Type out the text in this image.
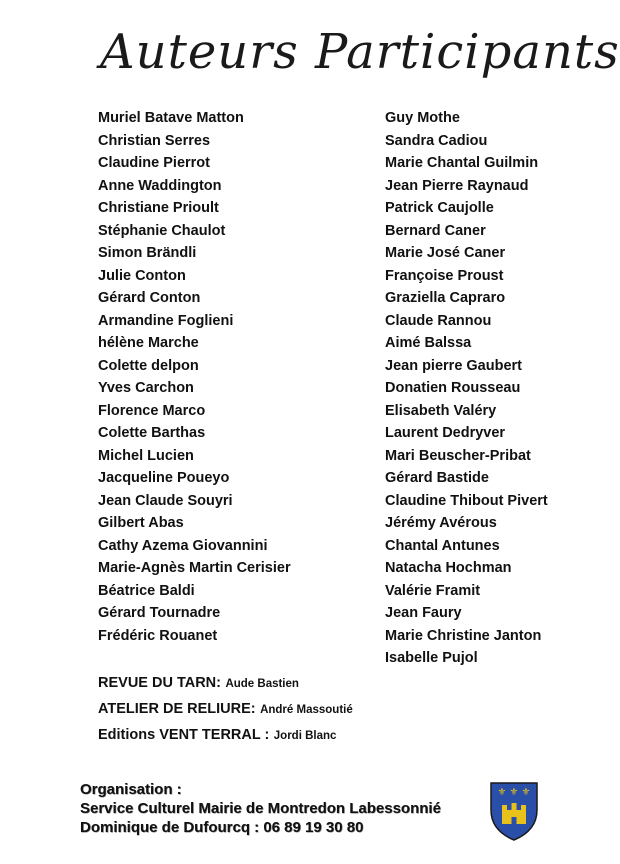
Auteurs Participants
Muriel Batave Matton
Christian Serres
Claudine Pierrot
Anne Waddington
Christiane Prioult
Stéphanie Chaulot
Simon Brändli
Julie Conton
Gérard Conton
Armandine Foglieni
hélène Marche
Colette delpon
Yves Carchon
Florence Marco
Colette Barthas
Michel Lucien
Jacqueline Poueyo
Jean Claude Souyri
Gilbert Abas
Cathy Azema Giovannini
Marie-Agnès Martin Cerisier
Béatrice Baldi
Gérard Tournadre
Frédéric Rouanet
Guy Mothe
Sandra Cadiou
Marie Chantal Guilmin
Jean Pierre Raynaud
Patrick Caujolle
Bernard Caner
Marie José Caner
Françoise Proust
Graziella Capraro
Claude Rannou
Aimé Balssa
Jean pierre Gaubert
Donatien Rousseau
Elisabeth Valéry
Laurent Dedryver
Mari Beuscher-Pribat
Gérard Bastide
Claudine Thibout Pivert
Jérémy Avérous
Chantal Antunes
Natacha Hochman
Valérie Framit
Jean Faury
Marie Christine Janton
Isabelle Pujol
REVUE DU TARN: Aude Bastien
ATELIER DE RELIURE: André Massoutié
Editions VENT TERRAL : Jordi Blanc
Organisation :
Service Culturel Mairie de Montredon Labessonnié
Dominique de Dufourcq : 06 89 19 30 80
⚜ ⚜ ⚜
